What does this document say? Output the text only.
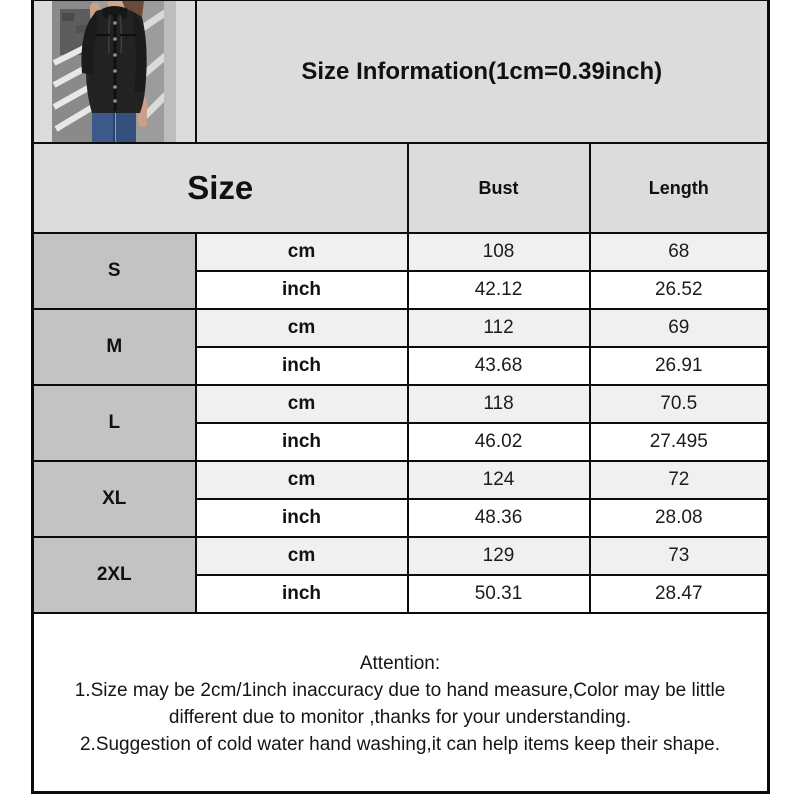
	Size Information(1cm=0.39inch)		
Size		Bust	Length
S	cm	108	68
	inch	42.12	26.52
M	cm	112	69
	inch	43.68	26.91
L	cm	118	70.5
	inch	46.02	27.495
XL	cm	124	72
	inch	48.36	28.08
2XL	cm	129	73
	inch	50.31	28.47

Attention:

1.Size may be 2cm/1inch inaccuracy due to hand measure,Color may be little different due to monitor ,thanks for your understanding.

2.Suggestion of cold water hand washing,it can help items keep their shape.			
